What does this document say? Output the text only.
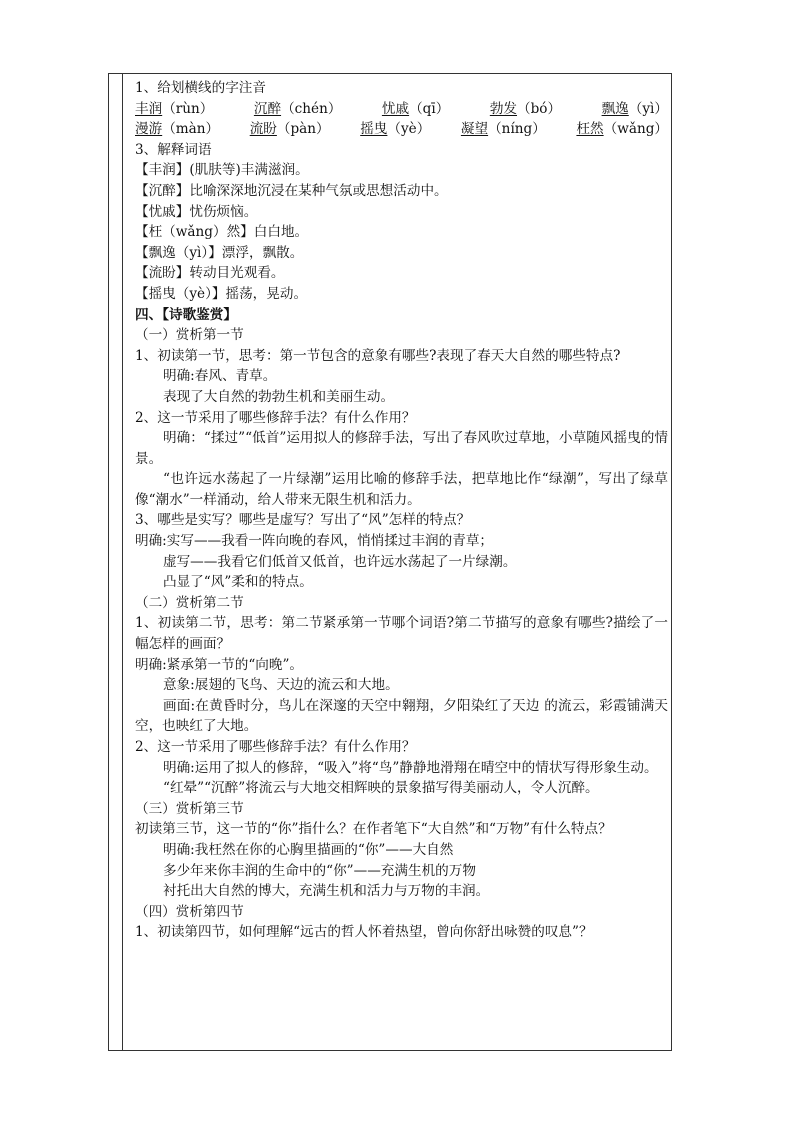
1、给划横线的字注音
丰润（rùn）	沉醉（chén）	忧戚（qī）	勃发（bó）	飘逸（yì）
漫游（màn） 流盼（pàn） 摇曳（yè） 凝望（níng） 枉然（wǎng）
3、解释词语
【丰润】(肌肤等)丰满滋润。
【沉醉】比喻深深地沉浸在某种气氛或思想活动中。
【忧戚】忧伤烦恼。
【枉（wǎng）然】白白地。
【飘逸（yì）】漂浮，飘散。
【流盼】转动目光观看。
【摇曳（yè）】摇荡，晃动。
四、【诗歌鉴赏】
（一）赏析第一节
1、初读第一节，思考：第一节包含的意象有哪些?表现了春天大自然的哪些特点?
明确:春风、青草。
表现了大自然的勃勃生机和美丽生动。
2、这一节采用了哪些修辞手法？有什么作用？
明确：“揉过”“低首”运用拟人的修辞手法，写出了春风吹过草地，小草随风摇曳的情景。
“也许远水荡起了一片绿潮”运用比喻的修辞手法，把草地比作“绿潮”，写出了绿草像“潮水”一样涌动，给人带来无限生机和活力。
3、哪些是实写？哪些是虚写？写出了“风”怎样的特点？
明确:实写——我看一阵向晚的春风，悄悄揉过丰润的青草；
虚写——我看它们低首又低首，也许远水荡起了一片绿潮。
凸显了“风”柔和的特点。
（二）赏析第二节
1、初读第二节，思考：第二节紧承第一节哪个词语?第二节描写的意象有哪些?描绘了一幅怎样的画面？
明确:紧承第一节的“向晚”。
意象:展翅的飞鸟、天边的流云和大地。
画面:在黄昏时分，鸟儿在深邃的天空中翱翔，夕阳染红了天边 的流云，彩霞铺满天空，也映红了大地。
2、这一节采用了哪些修辞手法？有什么作用？
明确:运用了拟人的修辞，“吸入”将“鸟”静静地滑翔在晴空中的情状写得形象生动。
“红晕”“沉醉”将流云与大地交相辉映的景象描写得美丽动人，令人沉醉。
（三）赏析第三节
初读第三节，这一节的“你”指什么？在作者笔下“大自然”和“万物”有什么特点？
明确:我枉然在你的心胸里描画的“你”——大自然
多少年来你丰润的生命中的“你”——充满生机的万物
衬托出大自然的博大，充满生机和活力与万物的丰润。
（四）赏析第四节
1、初读第四节，如何理解“远古的哲人怀着热望，曾向你舒出咏赞的叹息”？
